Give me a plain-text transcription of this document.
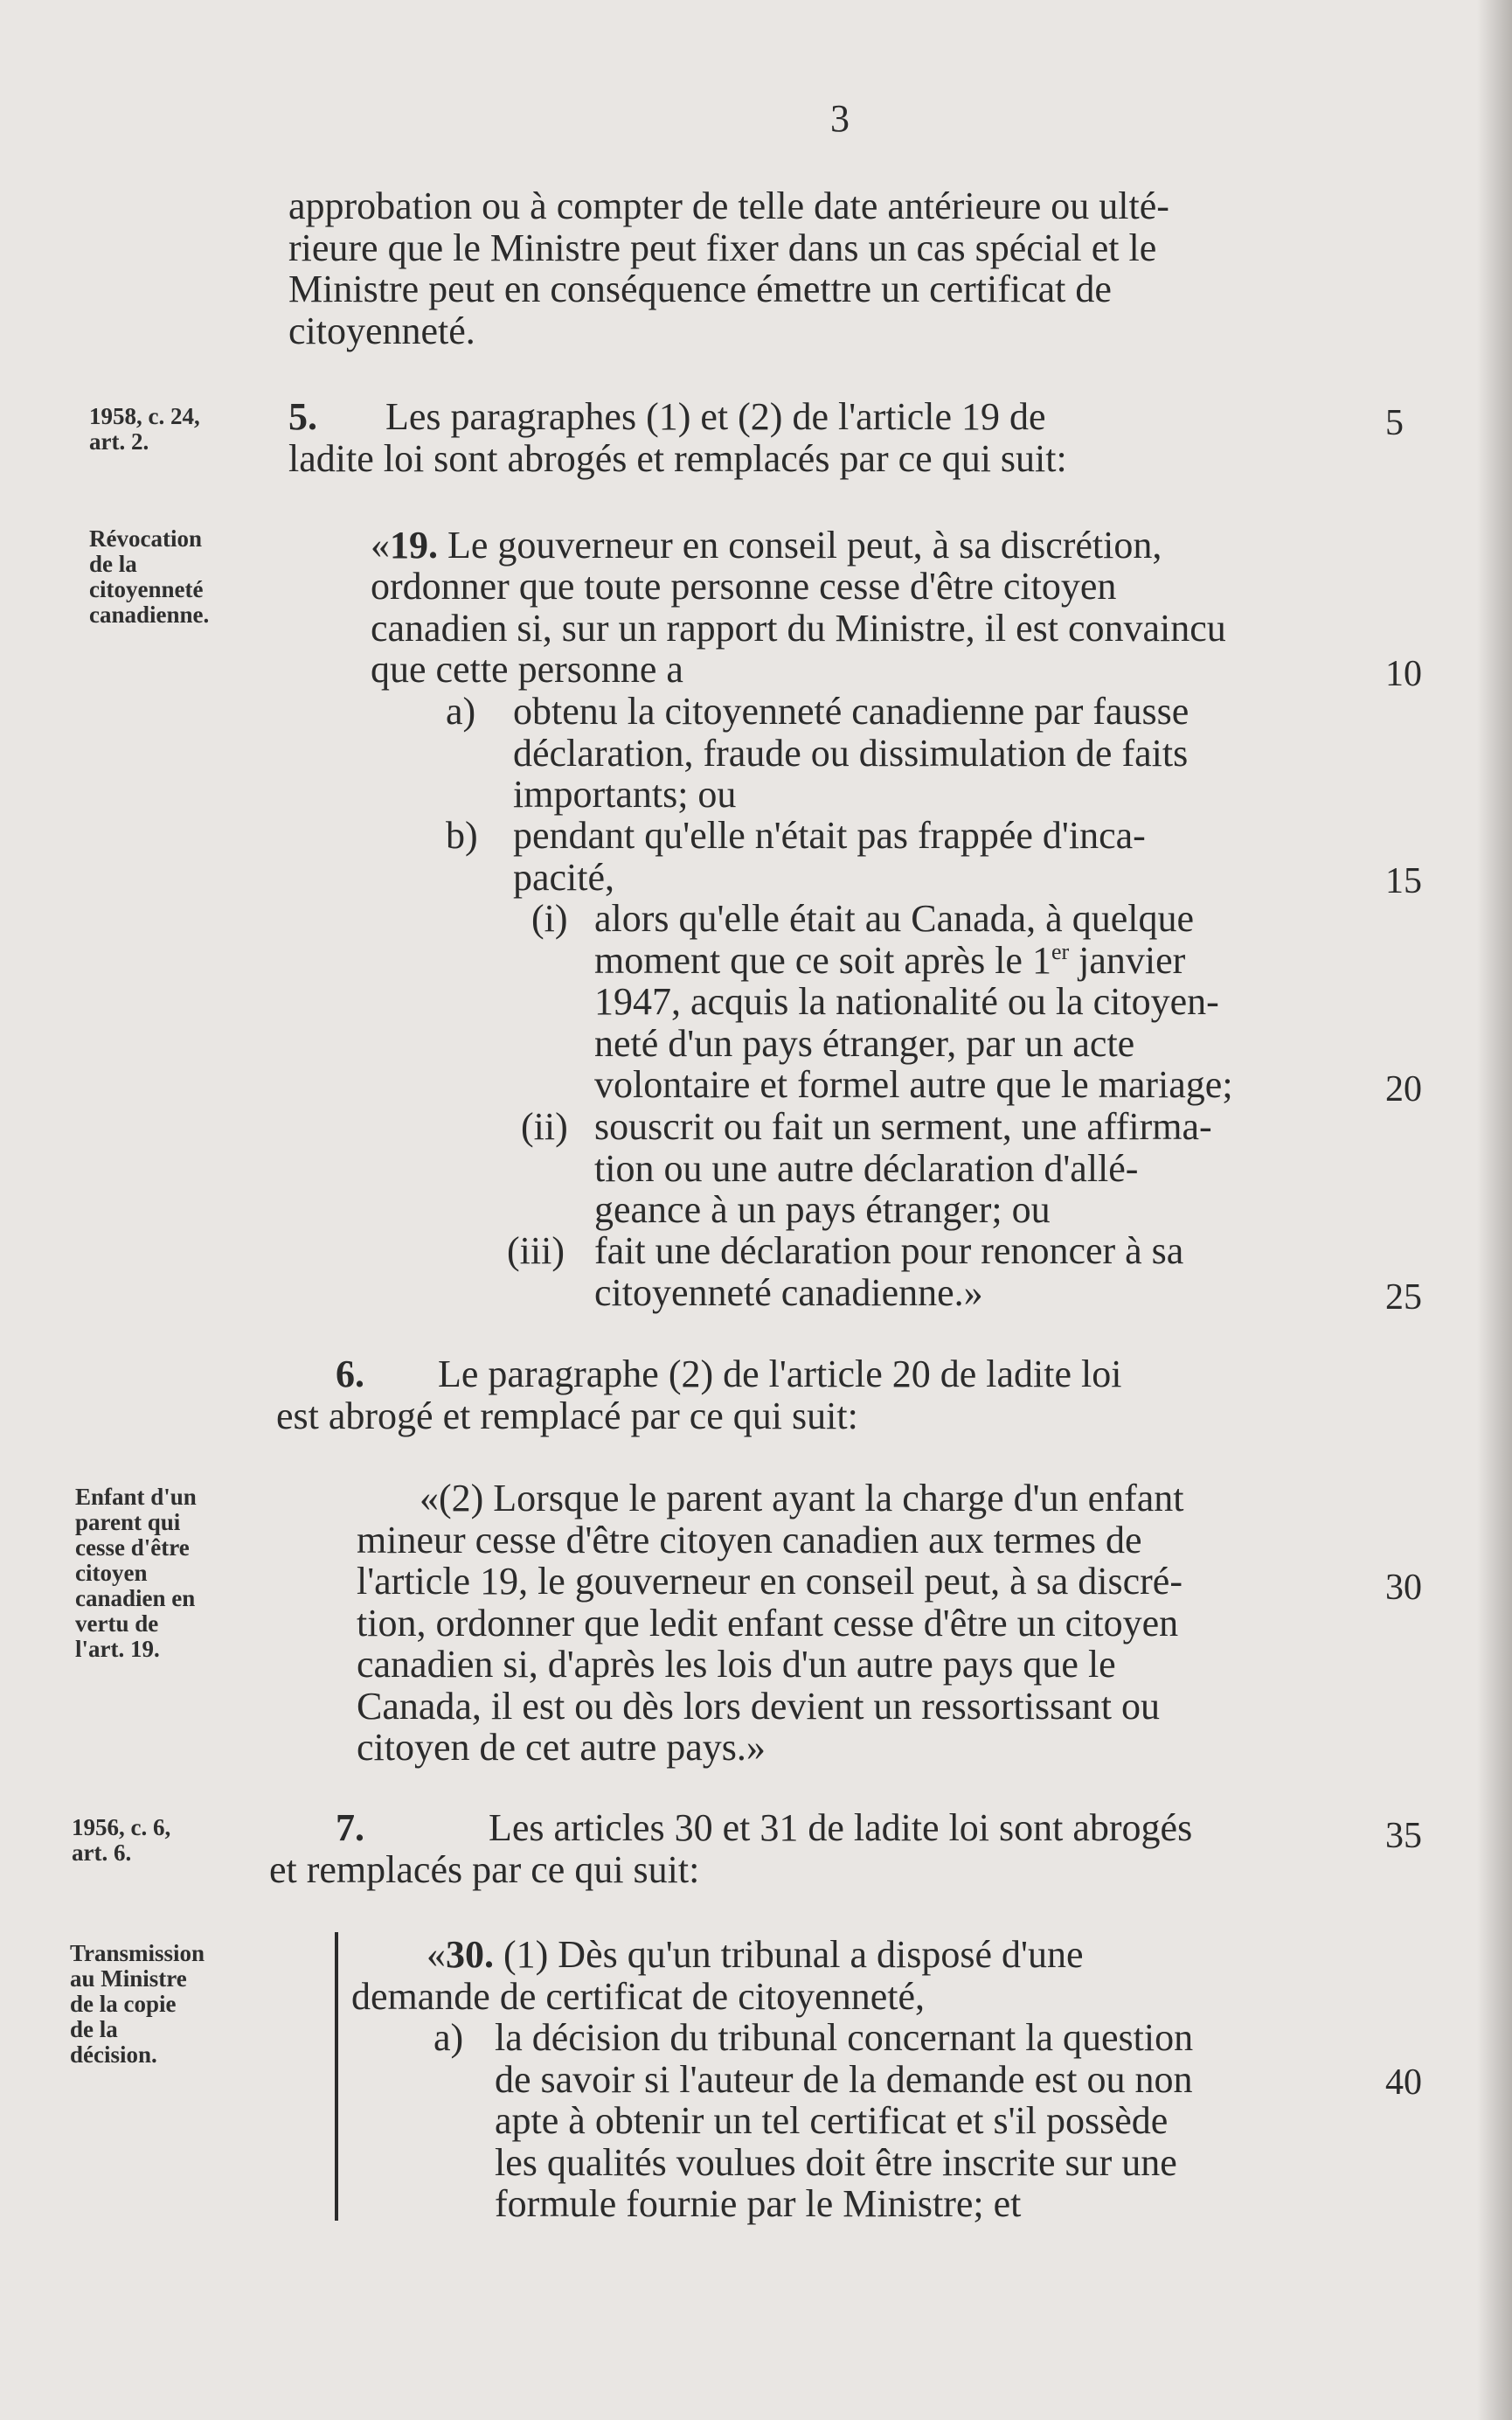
3
1958, c. 24,
art. 2.
Révocation
de la
citoyenneté
canadienne.
Enfant d'un
parent qui
cesse d'être
citoyen
canadien en
vertu de
l'art. 19.
1956, c. 6,
art. 6.
Transmission
au Ministre
de la copie
de la
décision.
5
10
15
20
25
30
35
40
approbation ou à compter de telle date antérieure ou ulté-
rieure que le Ministre peut fixer dans un cas spécial et le
Ministre peut en conséquence émettre un certificat de
citoyenneté.
5. Les paragraphes (1) et (2) de l'article 19 de
ladite loi sont abrogés et remplacés par ce qui suit:
«19. Le gouverneur en conseil peut, à sa discrétion,
ordonner que toute personne cesse d'être citoyen
canadien si, sur un rapport du Ministre, il est convaincu
que cette personne a
a) obtenu la citoyenneté canadienne par fausse
déclaration, fraude ou dissimulation de faits
importants; ou
b) pendant qu'elle n'était pas frappée d'inca-
pacité,
(i) alors qu'elle était au Canada, à quelque
moment que ce soit après le 1er janvier
1947, acquis la nationalité ou la citoyen-
neté d'un pays étranger, par un acte
volontaire et formel autre que le mariage;
(ii) souscrit ou fait un serment, une affirma-
tion ou une autre déclaration d'allé-
geance à un pays étranger; ou
(iii) fait une déclaration pour renoncer à sa
citoyenneté canadienne.»
6. Le paragraphe (2) de l'article 20 de ladite loi
est abrogé et remplacé par ce qui suit:
«(2) Lorsque le parent ayant la charge d'un enfant
mineur cesse d'être citoyen canadien aux termes de
l'article 19, le gouverneur en conseil peut, à sa discré-
tion, ordonner que ledit enfant cesse d'être un citoyen
canadien si, d'après les lois d'un autre pays que le
Canada, il est ou dès lors devient un ressortissant ou
citoyen de cet autre pays.»
7.	Les articles 30 et 31 de ladite loi sont abrogés
et remplacés par ce qui suit:
«30. (1) Dès qu'un tribunal a disposé d'une
demande de certificat de citoyenneté,
a) la décision du tribunal concernant la question
de savoir si l'auteur de la demande est ou non
apte à obtenir un tel certificat et s'il possède
les qualités voulues doit être inscrite sur une
formule fournie par le Ministre; et
